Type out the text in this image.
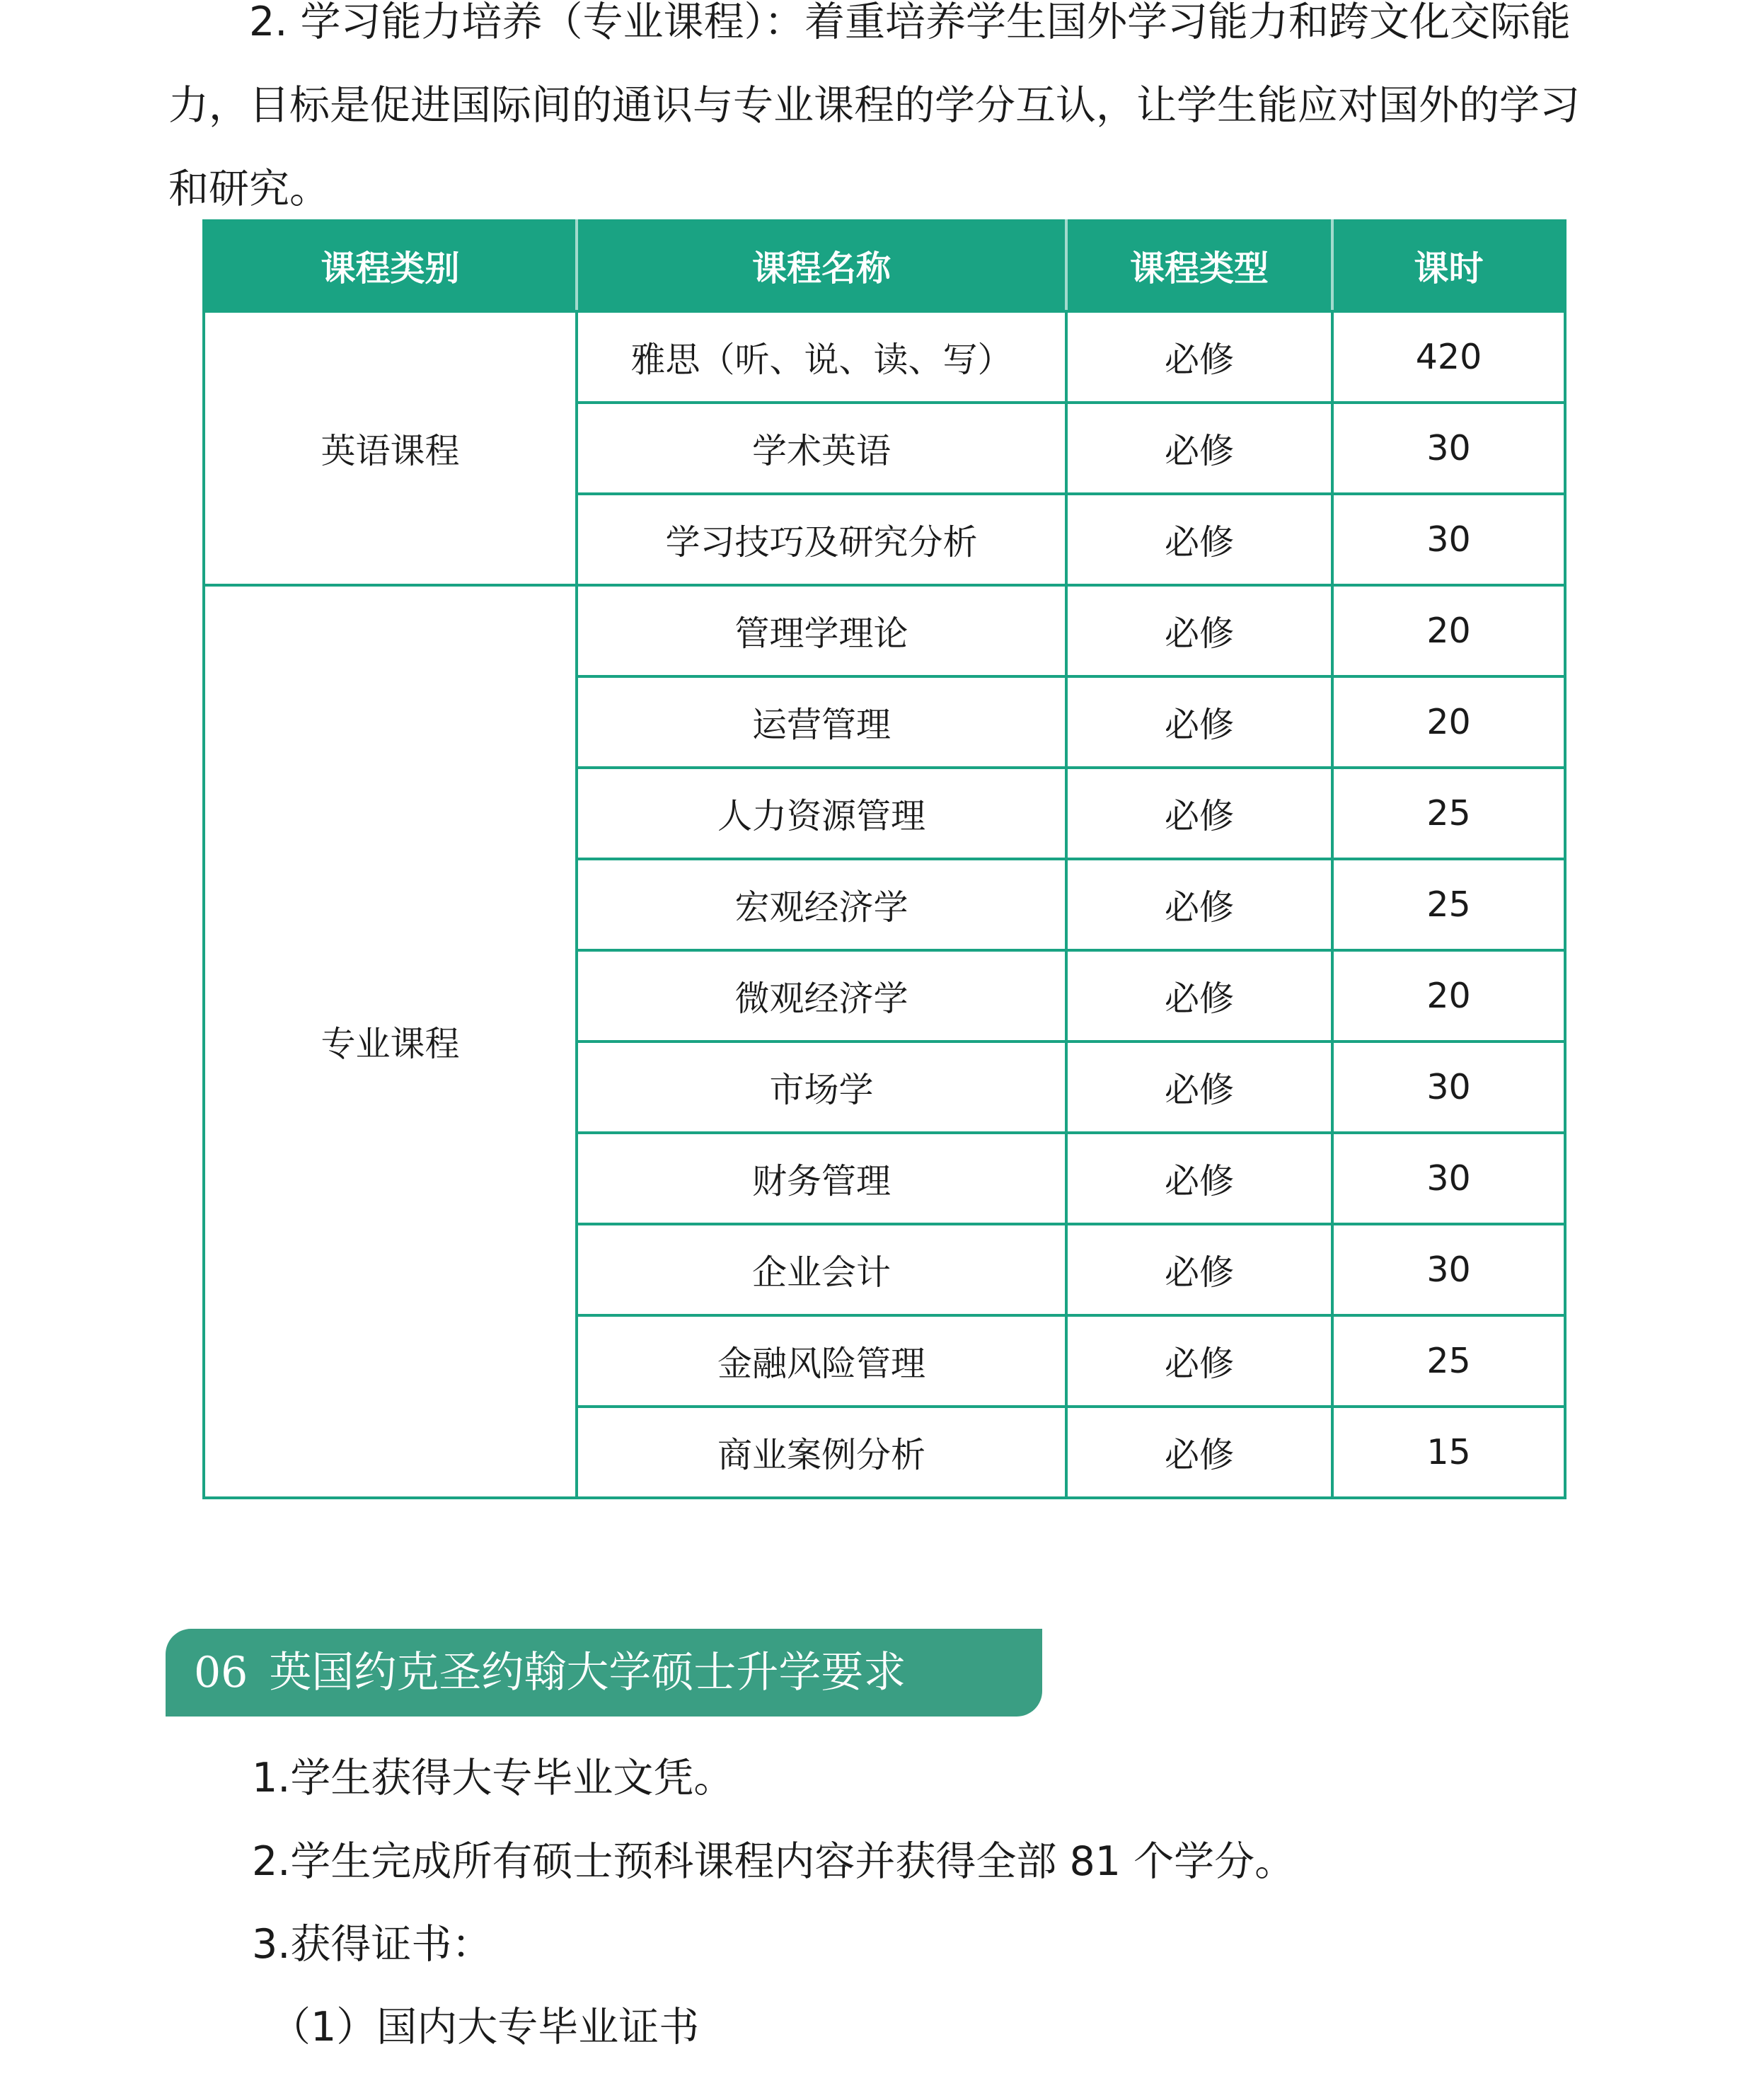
2. 学习能力培养（专业课程）：着重培养学生国外学习能力和跨文化交际能力，目标是促进国际间的通识与专业课程的学分互认，让学生能应对国外的学习和研究。

课程类别	课程名称	课程类型	课时
英语课程	雅思（听、说、读、写）	必修	420
	学术英语	必修	30
	学习技巧及研究分析	必修	30
专业课程	管理学理论	必修	20
	运营管理	必修	20
	人力资源管理	必修	25
	宏观经济学	必修	25
	微观经济学	必修	20
	市场学	必修	30
	财务管理	必修	30
	企业会计	必修	30
	金融风险管理	必修	25
	商业案例分析	必修	15
06 英国约克圣约翰大学硕士升学要求

1.学生获得大专毕业文凭。

2.学生完成所有硕士预科课程内容并获得全部 81 个学分。

3.获得证书：

（1）国内大专毕业证书
